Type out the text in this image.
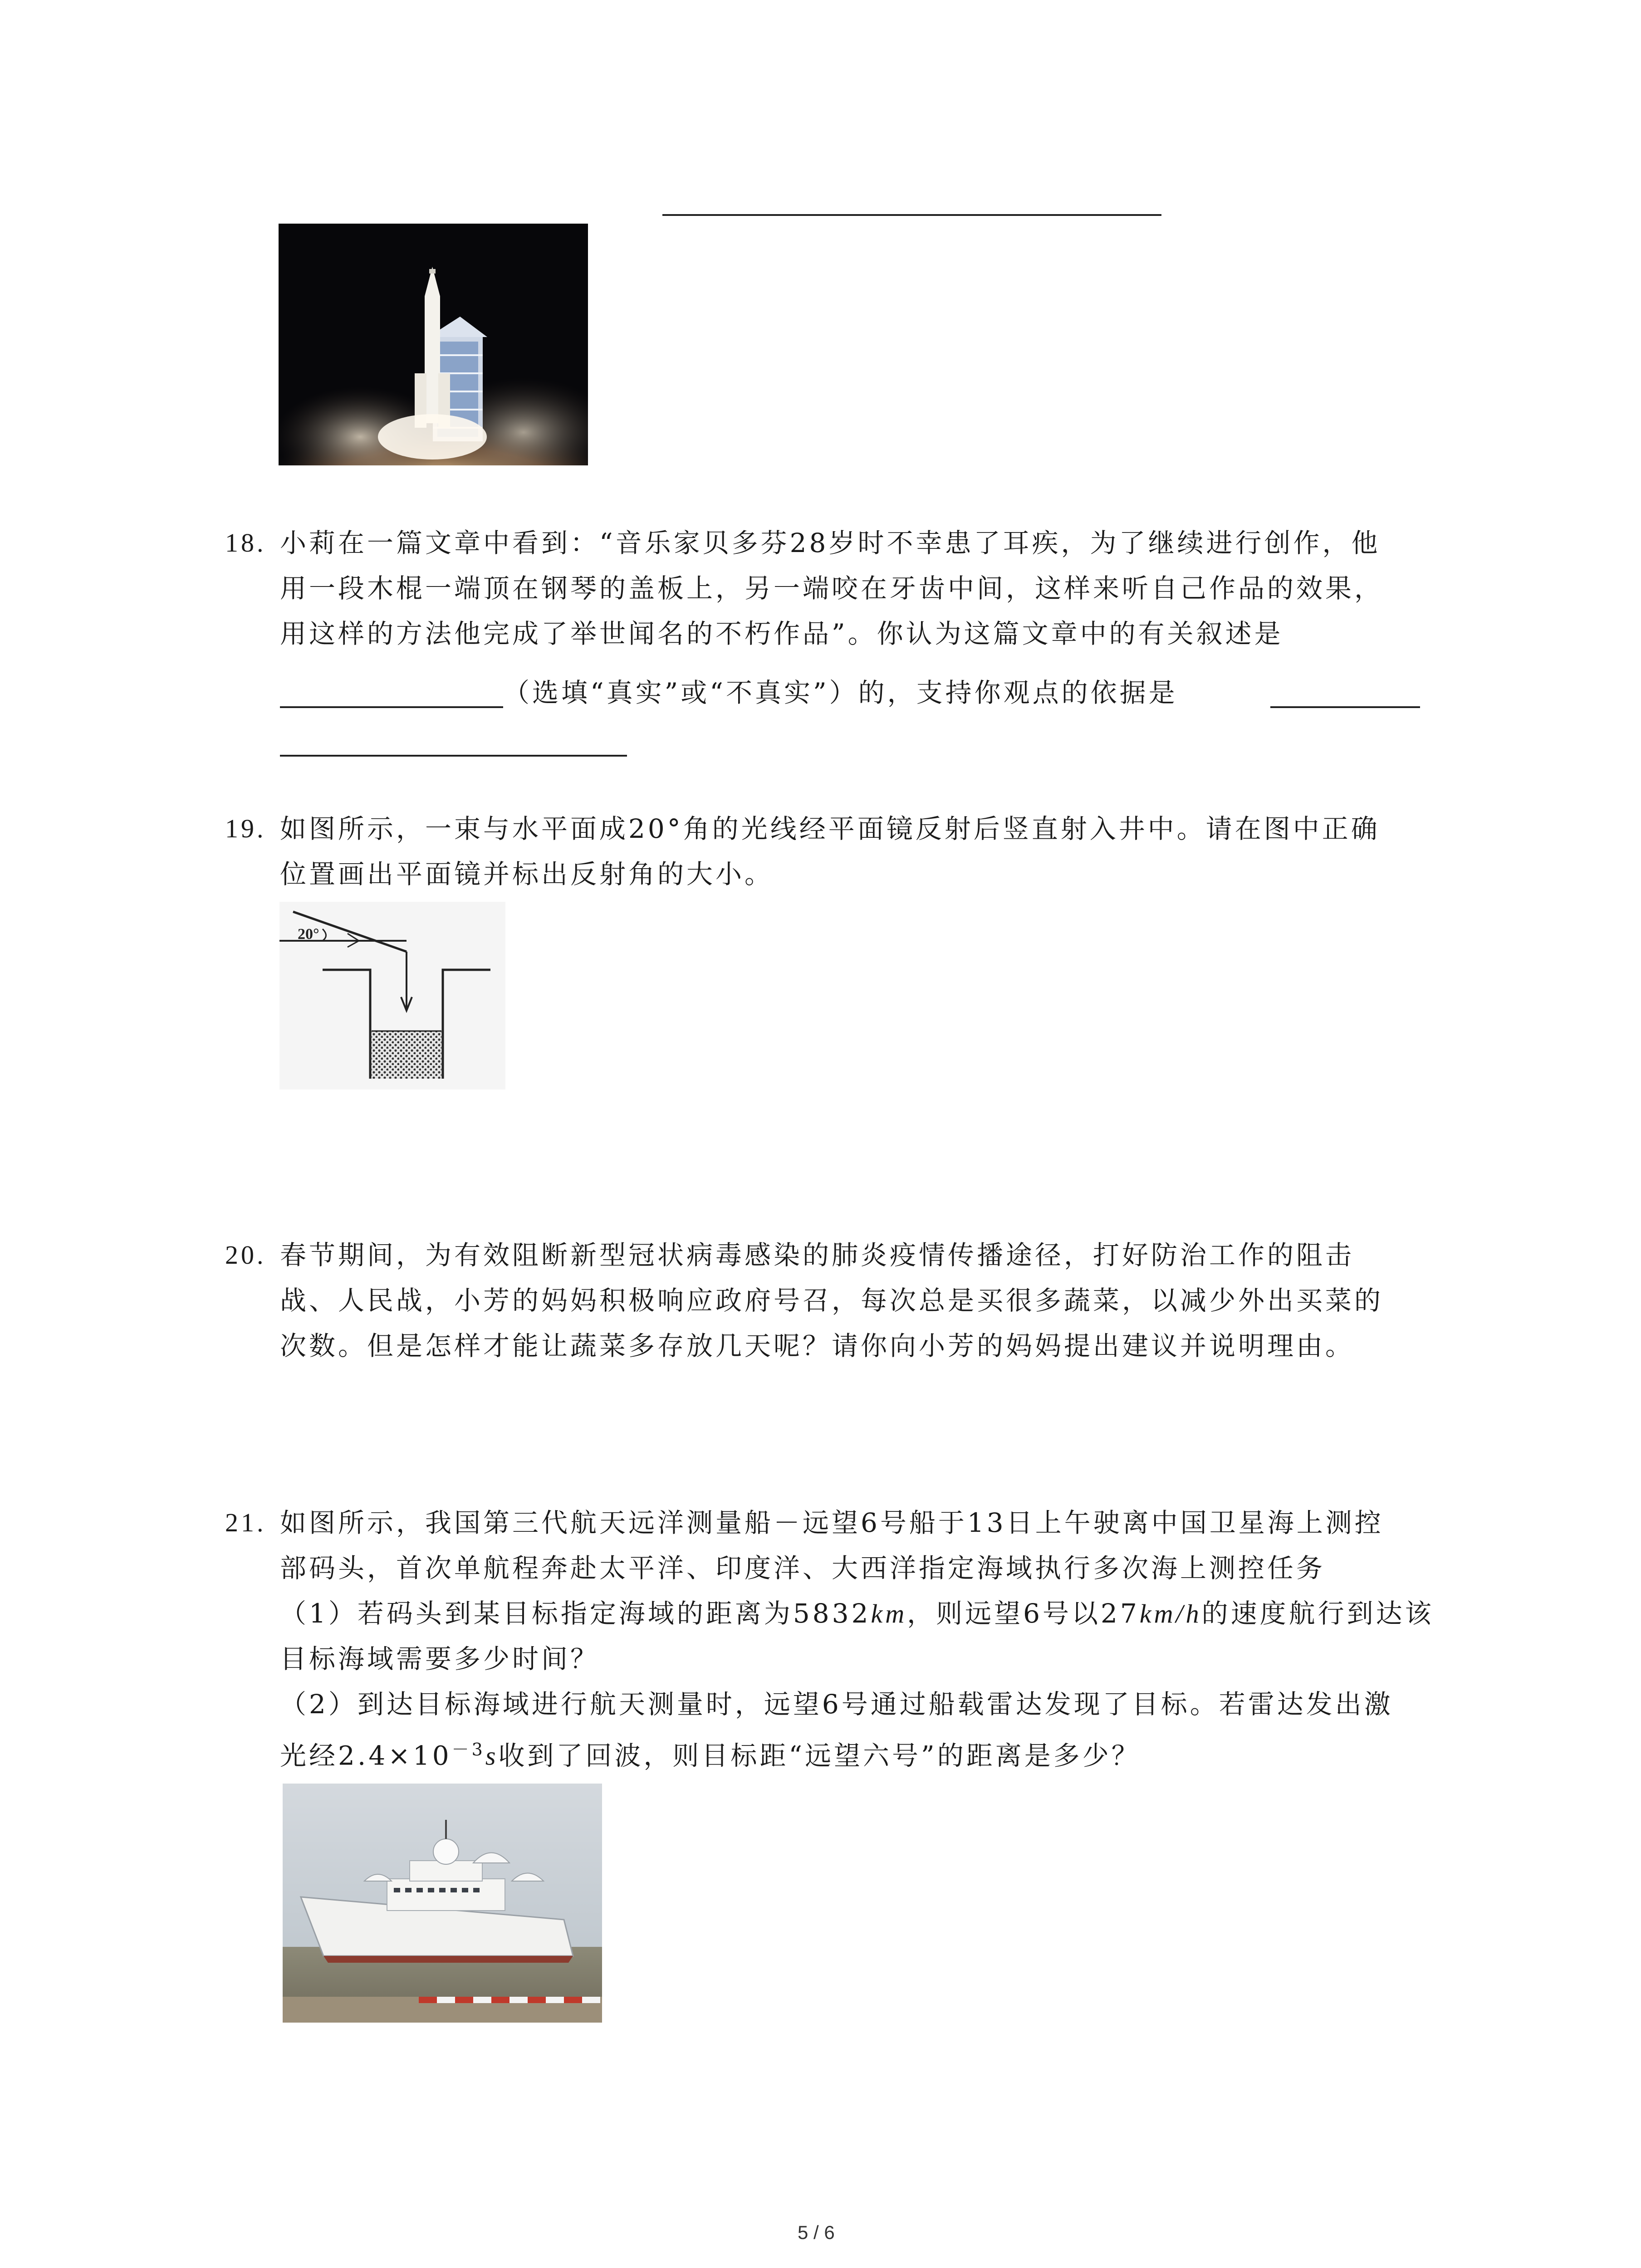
18. 小莉在一篇文章中看到：“音乐家贝多芬28岁时不幸患了耳疾，为了继续进行创作，他
用一段木棍一端顶在钢琴的盖板上，另一端咬在牙齿中间，这样来听自己作品的效果，
用这样的方法他完成了举世闻名的不朽作品”。你认为这篇文章中的有关叙述是
（选填“真实”或“不真实”）的，支持你观点的依据是
19. 如图所示，一束与水平面成20°角的光线经平面镜反射后竖直射入井中。请在图中正确
位置画出平面镜并标出反射角的大小。
20°
20. 春节期间，为有效阻断新型冠状病毒感染的肺炎疫情传播途径，打好防治工作的阻击
战、人民战，小芳的妈妈积极响应政府号召，每次总是买很多蔬菜，以减少外出买菜的
次数。但是怎样才能让蔬菜多存放几天呢？请你向小芳的妈妈提出建议并说明理由。
21. 如图所示，我国第三代航天远洋测量船－远望6号船于13日上午驶离中国卫星海上测控
部码头，首次单航程奔赴太平洋、印度洋、大西洋指定海域执行多次海上测控任务
（1）若码头到某目标指定海域的距离为5832km，则远望6号以27km/h的速度航行到达该
目标海域需要多少时间？
（2）到达目标海域进行航天测量时，远望6号通过船载雷达发现了目标。若雷达发出激
光经$2.4\times 10^{-3}s$收到了回波，则目标距“远望六号”的距离是多少？
5 / 6
